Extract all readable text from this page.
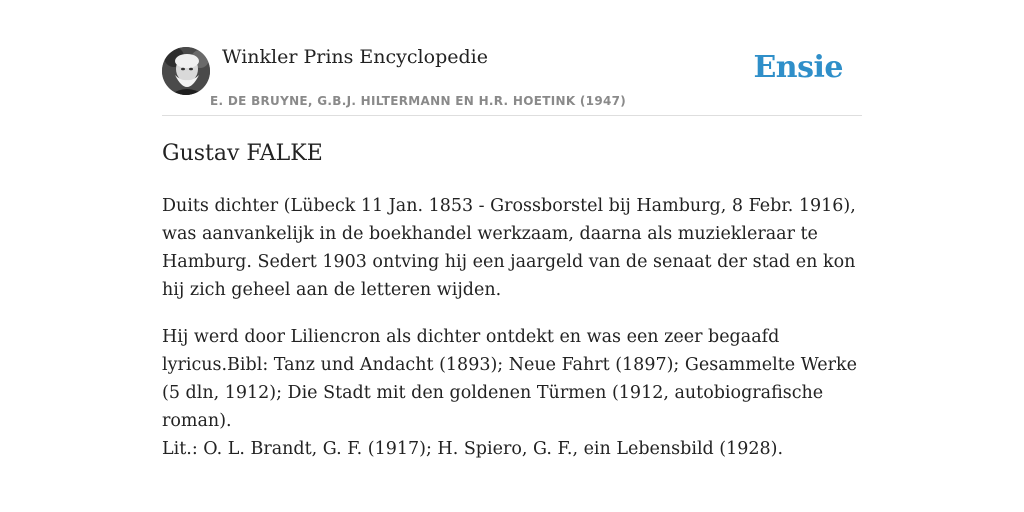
Winkler Prins Encyclopedie
E. DE BRUYNE, G.B.J. HILTERMANN EN H.R. HOETINK (1947)
Ensie
Gustav FALKE
Duits dichter (Lübeck 11 Jan. 1853 - Grossborstel bij Hamburg, 8 Febr. 1916), was aanvankelijk in de boekhandel werkzaam, daarna als muziekleraar te Hamburg. Sedert 1903 ontving hij een jaargeld van de senaat der stad en kon hij zich geheel aan de letteren wijden.
Hij werd door Liliencron als dichter ontdekt en was een zeer begaafd lyricus.Bibl: Tanz und Andacht (1893); Neue Fahrt (1897); Gesammelte Werke (5 dln, 1912); Die Stadt mit den goldenen Türmen (1912, autobiografische roman).
Lit.: O. L. Brandt, G. F. (1917); H. Spiero, G. F., ein Lebensbild (1928).
